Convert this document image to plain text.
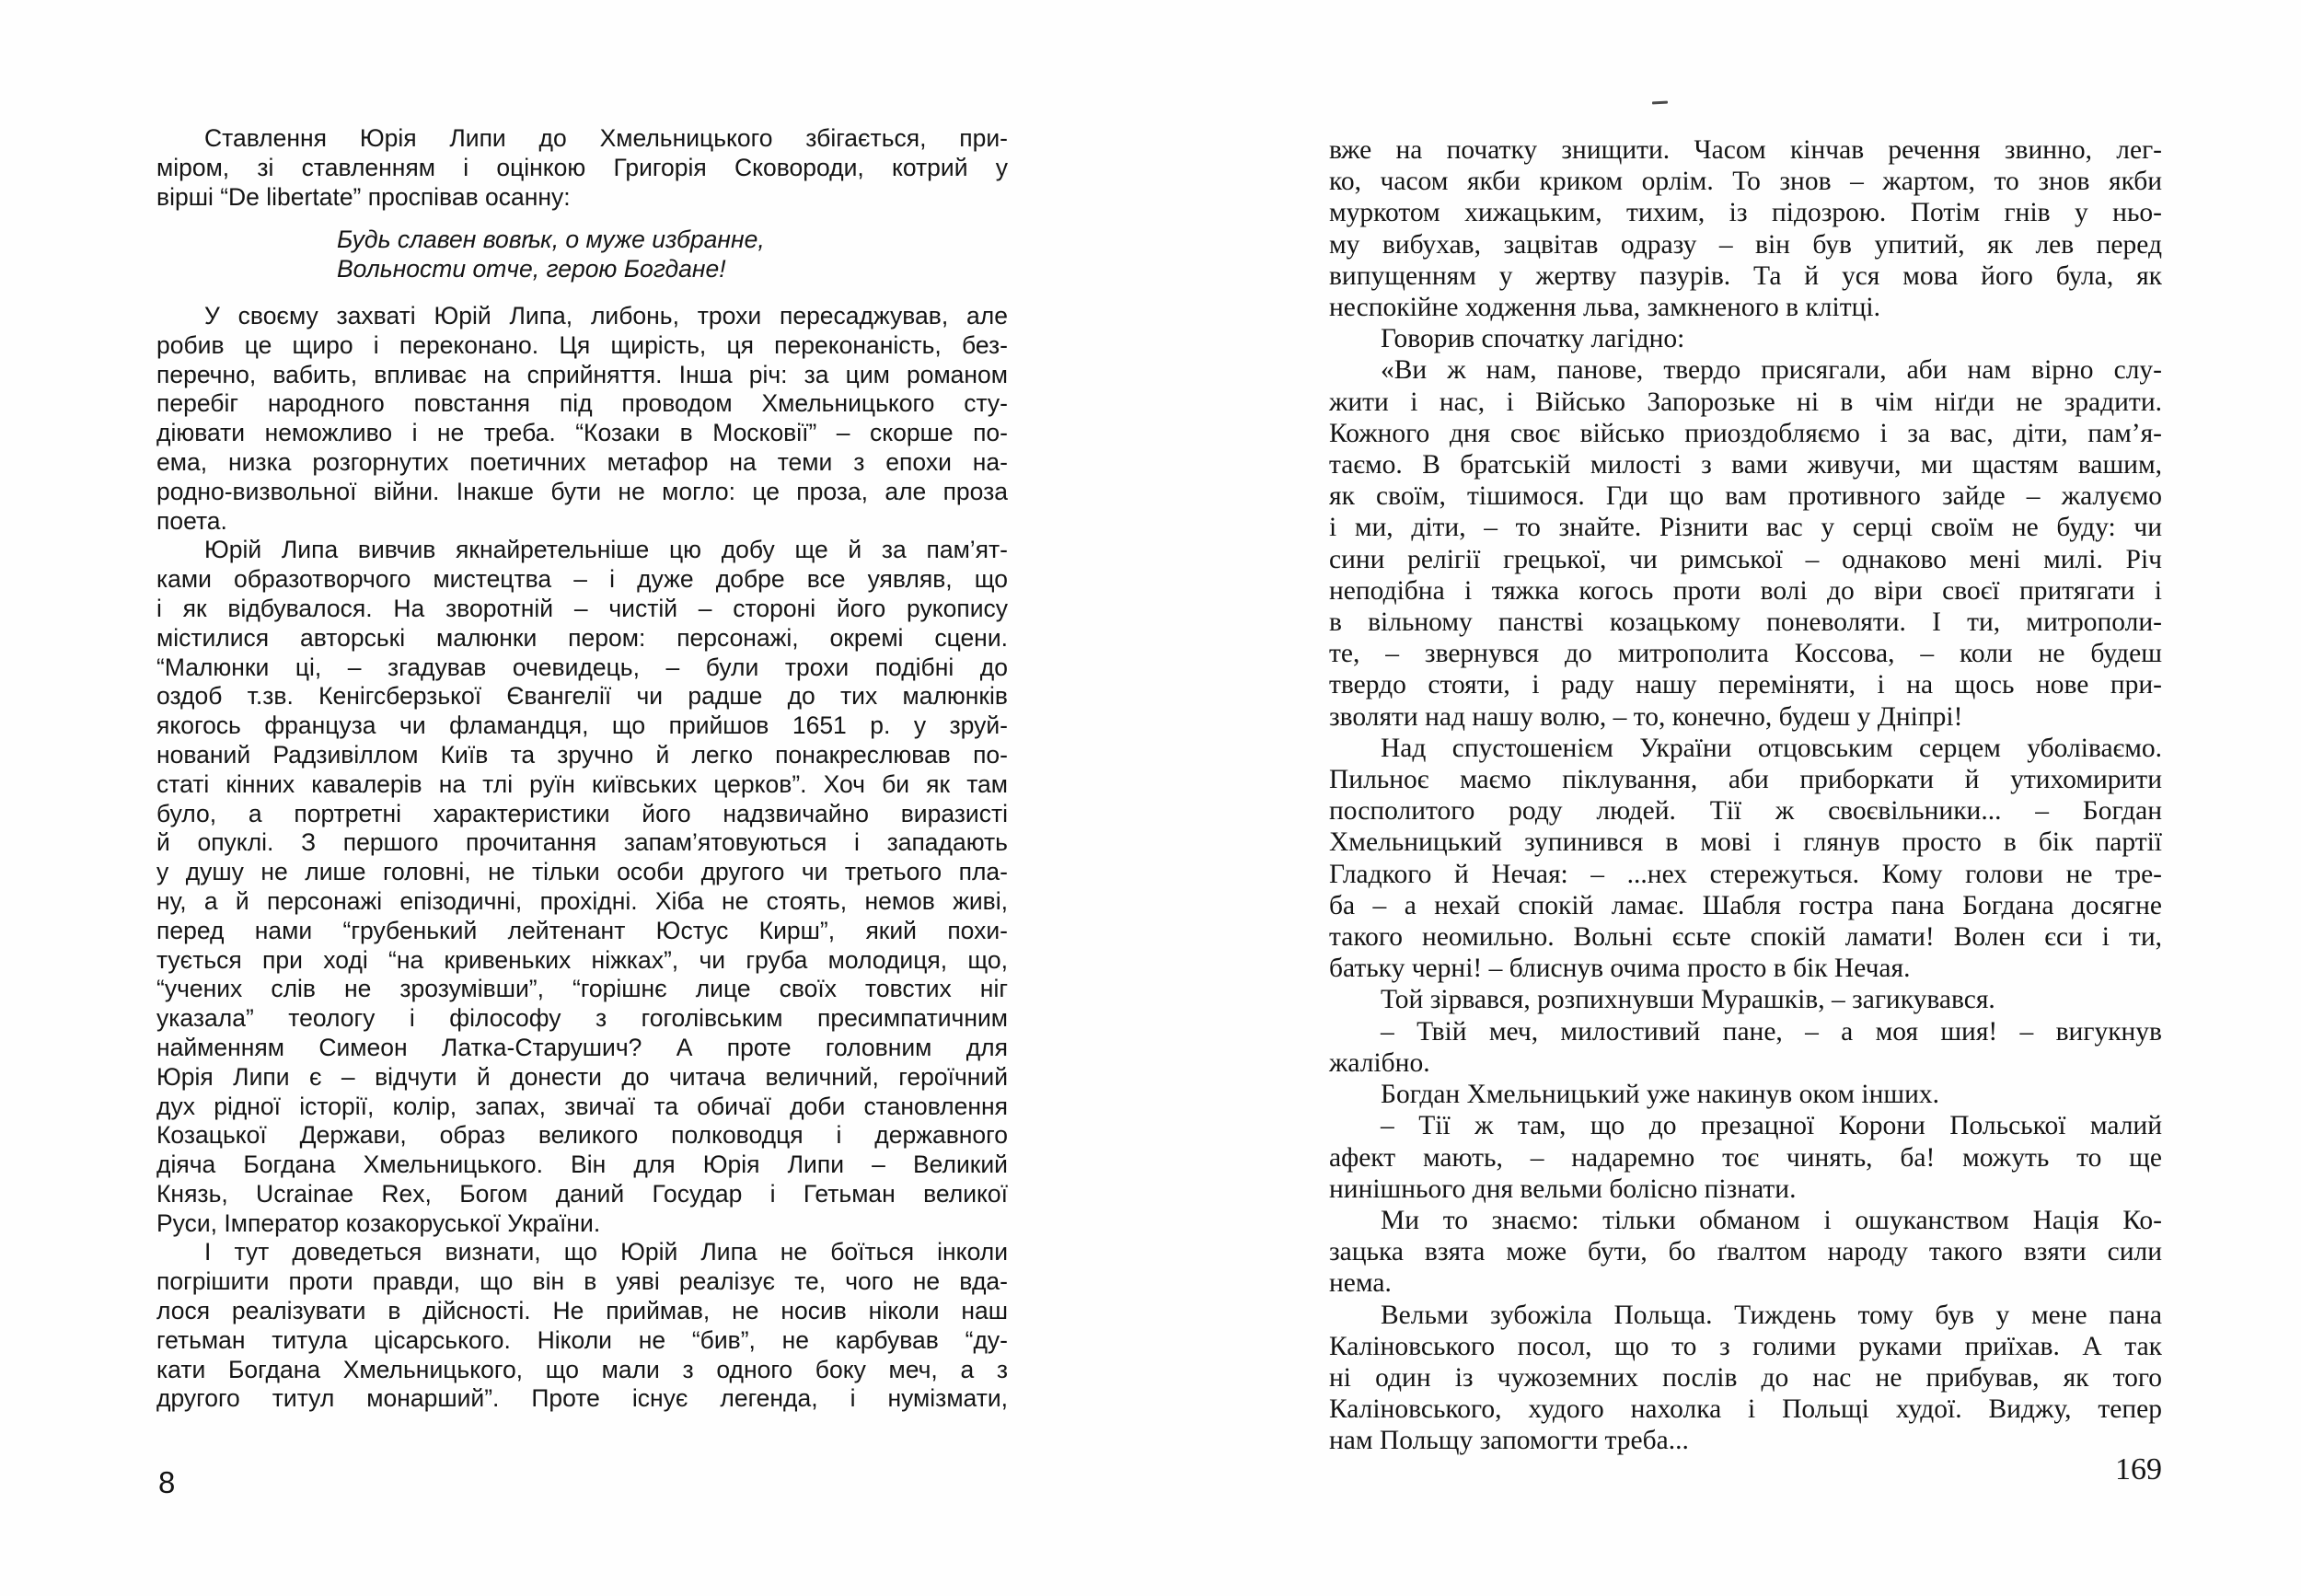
Ставлення Юрія Липи до Хмельницького збігається, при-
міром, зі ставленням і оцінкою Григорія Сковороди, котрий у
вірші “De libertate” проспівав осанну:
Будь славен вовѣк, о муже избранне,
Вольности отче, герою Богдане!
У своєму захваті Юрій Липа, либонь, трохи пересаджував, але
робив це щиро і переконано. Ця щирість, ця переконаність, без-
перечно, вабить, впливає на сприйняття. Інша річ: за цим романом
перебіг народного повстання під проводом Хмельницького сту-
діювати неможливо і не треба. “Козаки в Московії” – скорше по-
ема, низка розгорнутих поетичних метафор на теми з епохи на-
родно-визвольної війни. Інакше бути не могло: це проза, але проза
поета.
Юрій Липа вивчив якнайретельніше цю добу ще й за пам’ят-
ками образотворчого мистецтва – і дуже добре все уявляв, що
і як відбувалося. На зворотній – чистій – стороні його рукопису
містилися авторські малюнки пером: персонажі, окремі сцени.
“Малюнки ці, – згадував очевидець, – були трохи подібні до
оздоб т.зв. Кенігсберзької Євангелії чи радше до тих малюнків
якогось француза чи фламандця, що прийшов 1651 р. у зруй-
нований Радзивіллом Київ та зручно й легко понакреслював по-
статі кінних кавалерів на тлі руїн київських церков”. Хоч би як там
було, а портретні характеристики його надзвичайно виразисті
й опуклі. З першого прочитання запам’ятовуються і западають
у душу не лише головні, не тільки особи другого чи третього пла-
ну, а й персонажі епізодичні, прохідні. Хіба не стоять, немов живі,
перед нами “грубенький лейтенант Юстус Кирш”, який похи-
тується при ході “на кривеньких ніжках”, чи груба молодиця, що,
“учених слів не зрозумівши”, “горішнє лице своїх товстих ніг
указала” теологу і філософу з гоголівським пресимпатичним
найменням Симеон Латка-Старушич? А проте головним для
Юрія Липи є – відчути й донести до читача величний, героїчний
дух рідної історії, колір, запах, звичаї та обичаї доби становлення
Козацької Держави, образ великого полководця і державного
діяча Богдана Хмельницького. Він для Юрія Липи – Великий
Князь, Ucrainae Rex, Богом даний Государ і Гетьман великої
Руси, Імператор козакоруської України.
І тут доведеться визнати, що Юрій Липа не боїться інколи
погрішити проти правди, що він в уяві реалізує те, чого не вда-
лося реалізувати в дійсності. Не приймав, не носив ніколи наш
гетьман титула цісарського. Ніколи не “бив”, не карбував “ду-
кати Богдана Хмельницького, що мали з одного боку меч, а з
другого титул монарший”. Проте існує легенда, і нумізмати,
вже на початку знищити. Часом кінчав речення звинно, лег-
ко, часом якби криком орлім. То знов – жартом, то знов якби
муркотом хижацьким, тихим, із підозрою. Потім гнів у ньо-
му вибухав, зацвітав одразу – він був упитий, як лев перед
випущенням у жертву пазурів. Та й уся мова його була, як
неспокійне ходження льва, замкненого в клітці.
Говорив спочатку лагідно:
«Ви ж нам, панове, твердо присягали, аби нам вірно слу-
жити і нас, і Військо Запорозьке ні в чім ніґди не зрадити.
Кожного дня своє військо приоздобляємо і за вас, діти, пам’я-
таємо. В братській милості з вами живучи, ми щастям вашим,
як своїм, тішимося. Гди що вам противного зайде – жалуємо
і ми, діти, – то знайте. Різнити вас у серці своїм не буду: чи
сини релігії грецької, чи римської – однаково мені милі. Річ
неподібна і тяжка когось проти волі до віри своєї притягати і
в вільному панстві козацькому поневоляти. І ти, митрополи-
те, – звернувся до митрополита Коссова, – коли не будеш
твердо стояти, і раду нашу переміняти, і на щось нове при-
зволяти над нашу волю, – то, конечно, будеш у Дніпрі!
Над спустошенієм України отцовським серцем уболіваємо.
Пильноє маємо піклування, аби приборкати й утихомирити
посполитого роду людей. Тії ж своєвільники... – Богдан
Хмельницький зупинився в мові і глянув просто в бік партії
Гладкого й Нечая: – ...нех стережуться. Кому голови не тре-
ба – а нехай спокій ламає. Шабля гостра пана Богдана досягне
такого неомильно. Вольні єсьте спокій ламати! Волен єси і ти,
батьку черні! – блиснув очима просто в бік Нечая.
Той зірвався, розпихнувши Мурашків, – загикувався.
– Твій меч, милостивий пане, – а моя шия! – вигукнув
жалібно.
Богдан Хмельницький уже накинув оком інших.
– Тії ж там, що до презацної Корони Польської малий
афект мають, – надаремно тоє чинять, ба! можуть то ще
нинішнього дня вельми болісно пізнати.
Ми то знаємо: тільки обманом і ошуканством Нація Ко-
зацька взята може бути, бо ґвалтом народу такого взяти сили
нема.
Вельми зубожіла Польща. Тиждень тому був у мене пана
Каліновського посол, що то з голими руками приїхав. А так
ні один із чужоземних послів до нас не прибував, як того
Каліновського, худого нахолка і Польщі худої. Виджу, тепер
нам Польщу запомогти треба...
8	169
